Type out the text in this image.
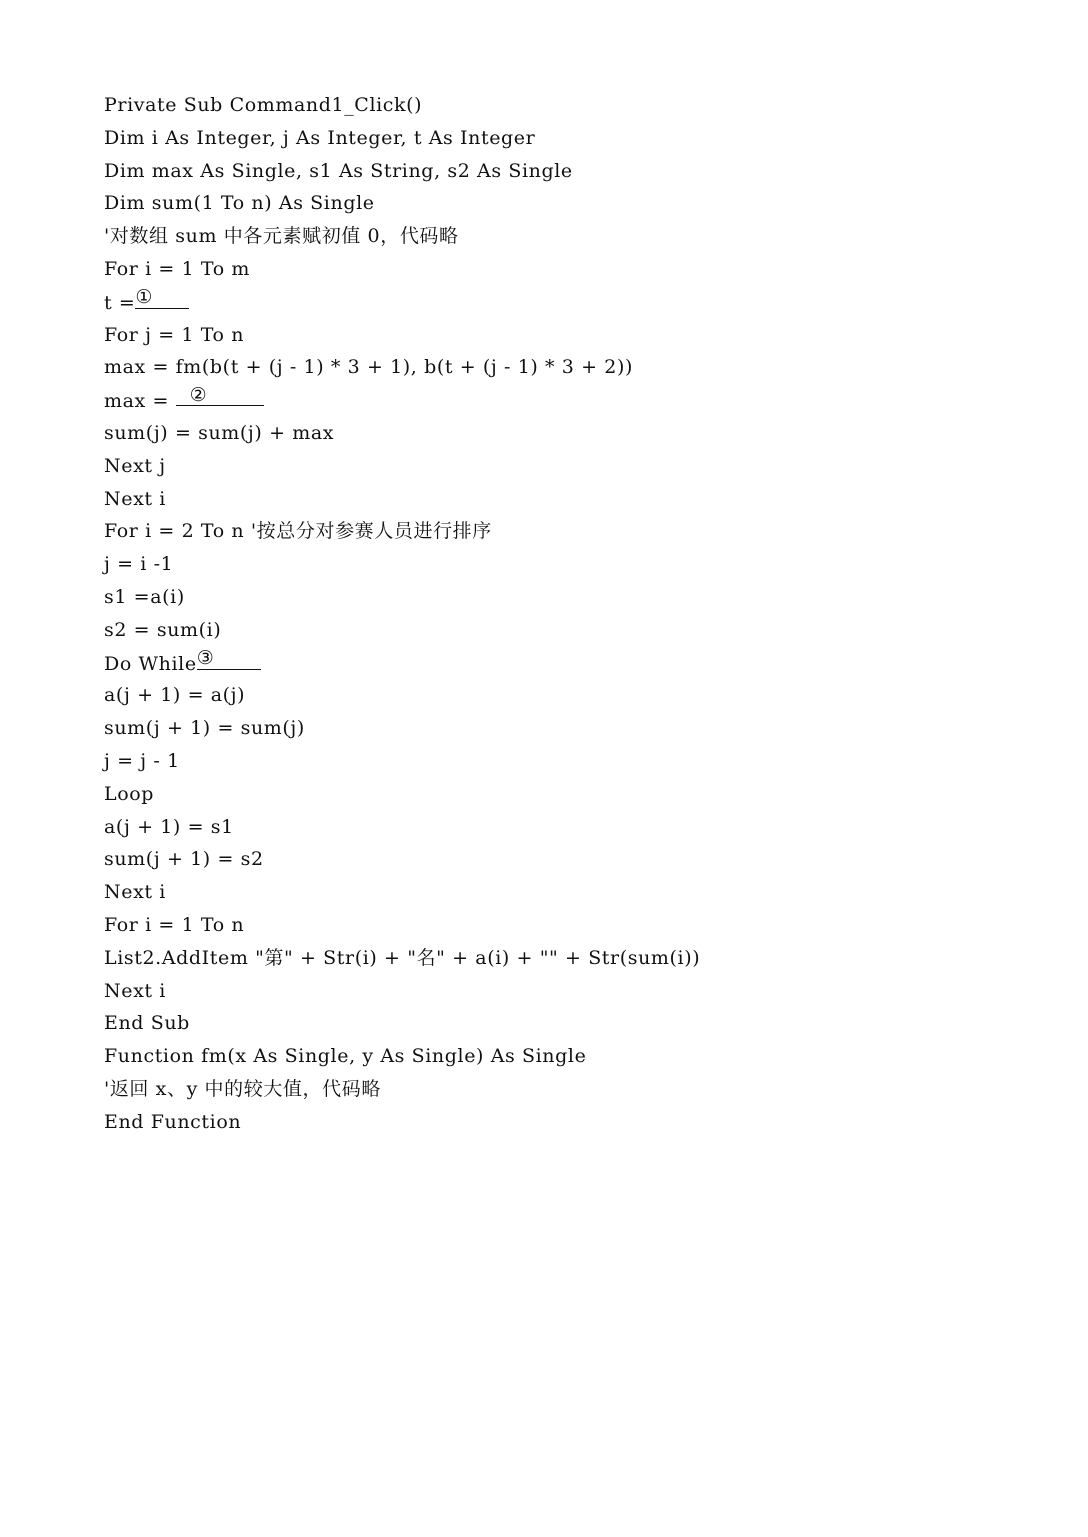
Private Sub Command1_Click()
Dim i As Integer, j As Integer, t As Integer
Dim max As Single, s1 As String, s2 As Single
Dim sum(1 To n) As Single
'对数组 sum 中各元素赋初值 0，代码略
For i = 1 To m
t =①
For j = 1 To n
max = fm(b(t + (j - 1) * 3 + 1), b(t + (j - 1) * 3 + 2))
max = ②
sum(j) = sum(j) + max
Next j
Next i
For i = 2 To n '按总分对参赛人员进行排序
j = i -1
s1 =a(i)
s2 = sum(i)
Do While③
a(j + 1) = a(j)
sum(j + 1) = sum(j)
j = j - 1
Loop
a(j + 1) = s1
sum(j + 1) = s2
Next i
For i = 1 To n
List2.AddItem "第" + Str(i) + "名" + a(i) + "" + Str(sum(i))
Next i
End Sub
Function fm(x As Single, y As Single) As Single
'返回 x、y 中的较大值，代码略
End Function
